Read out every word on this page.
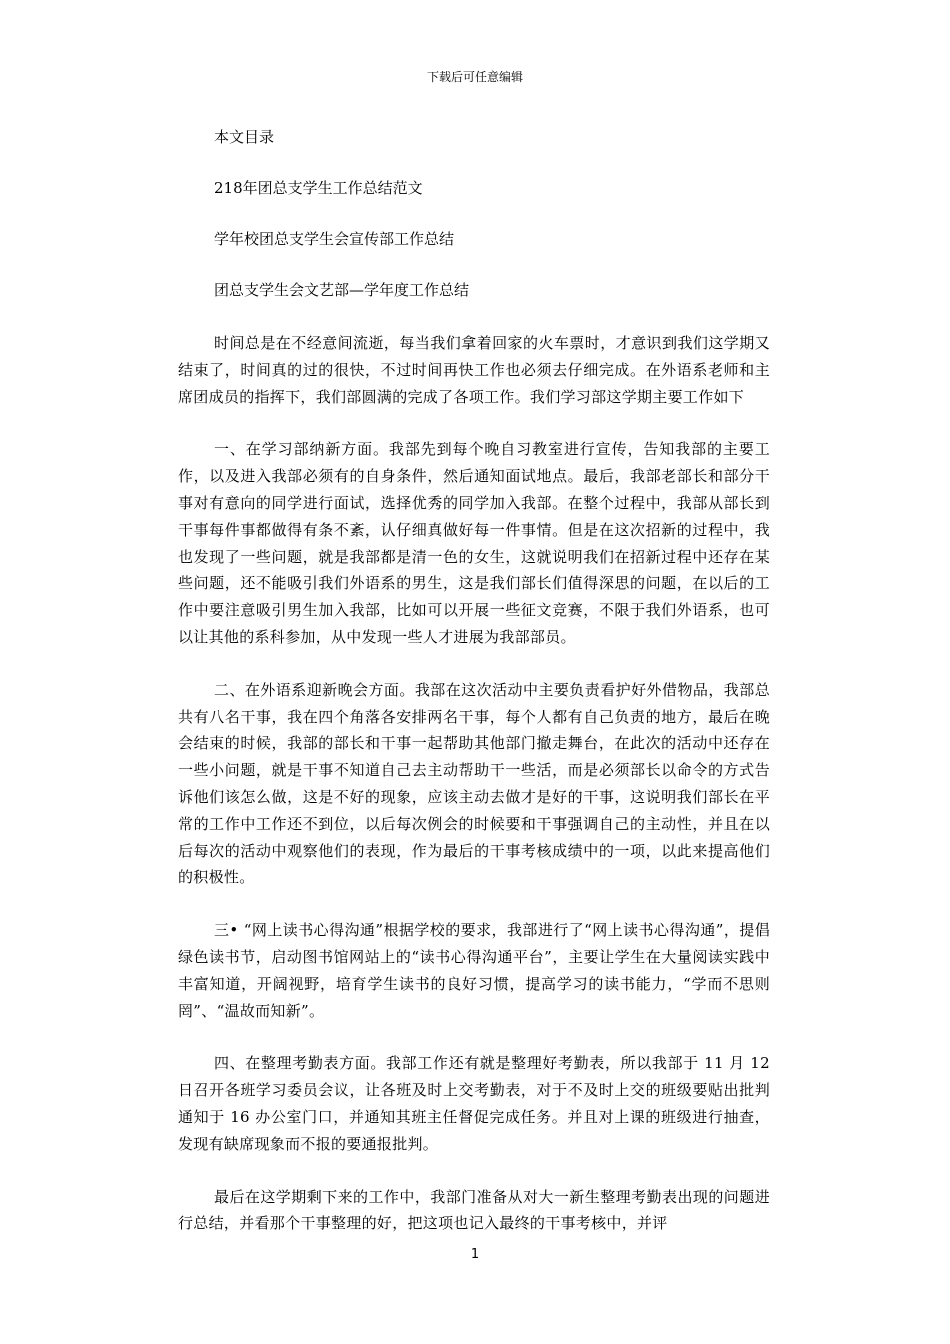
下载后可任意编辑

本文目录

218年团总支学生工作总结范文

学年校团总支学生会宣传部工作总结

团总支学生会文艺部—学年度工作总结

时间总是在不经意间流逝，每当我们拿着回家的火车票时，才意识到我们这学期又结束了，时间真的过的很快，不过时间再快工作也必须去仔细完成。在外语系老师和主席团成员的指挥下，我们部圆满的完成了各项工作。我们学习部这学期主要工作如下

一、在学习部纳新方面。我部先到每个晚自习教室进行宣传，告知我部的主要工作，以及进入我部必须有的自身条件，然后通知面试地点。最后，我部老部长和部分干事对有意向的同学进行面试，选择优秀的同学加入我部。在整个过程中，我部从部长到干事每件事都做得有条不紊，认仔细真做好每一件事情。但是在这次招新的过程中，我也发现了一些问题，就是我部都是清一色的女生，这就说明我们在招新过程中还存在某些问题，还不能吸引我们外语系的男生，这是我们部长们值得深思的问题，在以后的工作中要注意吸引男生加入我部，比如可以开展一些征文竞赛，不限于我们外语系，也可以让其他的系科参加，从中发现一些人才进展为我部部员。

二、在外语系迎新晚会方面。我部在这次活动中主要负责看护好外借物品，我部总共有八名干事，我在四个角落各安排两名干事，每个人都有自己负责的地方，最后在晚会结束的时候，我部的部长和干事一起帮助其他部门撤走舞台，在此次的活动中还存在一些小问题，就是干事不知道自己去主动帮助干一些活，而是必须部长以命令的方式告诉他们该怎么做，这是不好的现象，应该主动去做才是好的干事，这说明我们部长在平常的工作中工作还不到位，以后每次例会的时候要和干事强调自己的主动性，并且在以后每次的活动中观察他们的表现，作为最后的干事考核成绩中的一项，以此来提高他们的积极性。

三• “网上读书心得沟通”根据学校的要求，我部进行了“网上读书心得沟通”，提倡绿色读书节，启动图书馆网站上的“读书心得沟通平台”，主要让学生在大量阅读实践中丰富知道，开阔视野，培育学生读书的良好习惯，提高学习的读书能力，“学而不思则罔”、“温故而知新”。

四、在整理考勤表方面。我部工作还有就是整理好考勤表，所以我部于 11 月 12 日召开各班学习委员会议，让各班及时上交考勤表，对于不及时上交的班级要贴出批判通知于 16 办公室门口，并通知其班主任督促完成任务。并且对上课的班级进行抽查，发现有缺席现象而不报的要通报批判。

最后在这学期剩下来的工作中，我部门准备从对大一新生整理考勤表出现的问题进行总结，并看那个干事整理的好，把这项也记入最终的干事考核中，并评

1
